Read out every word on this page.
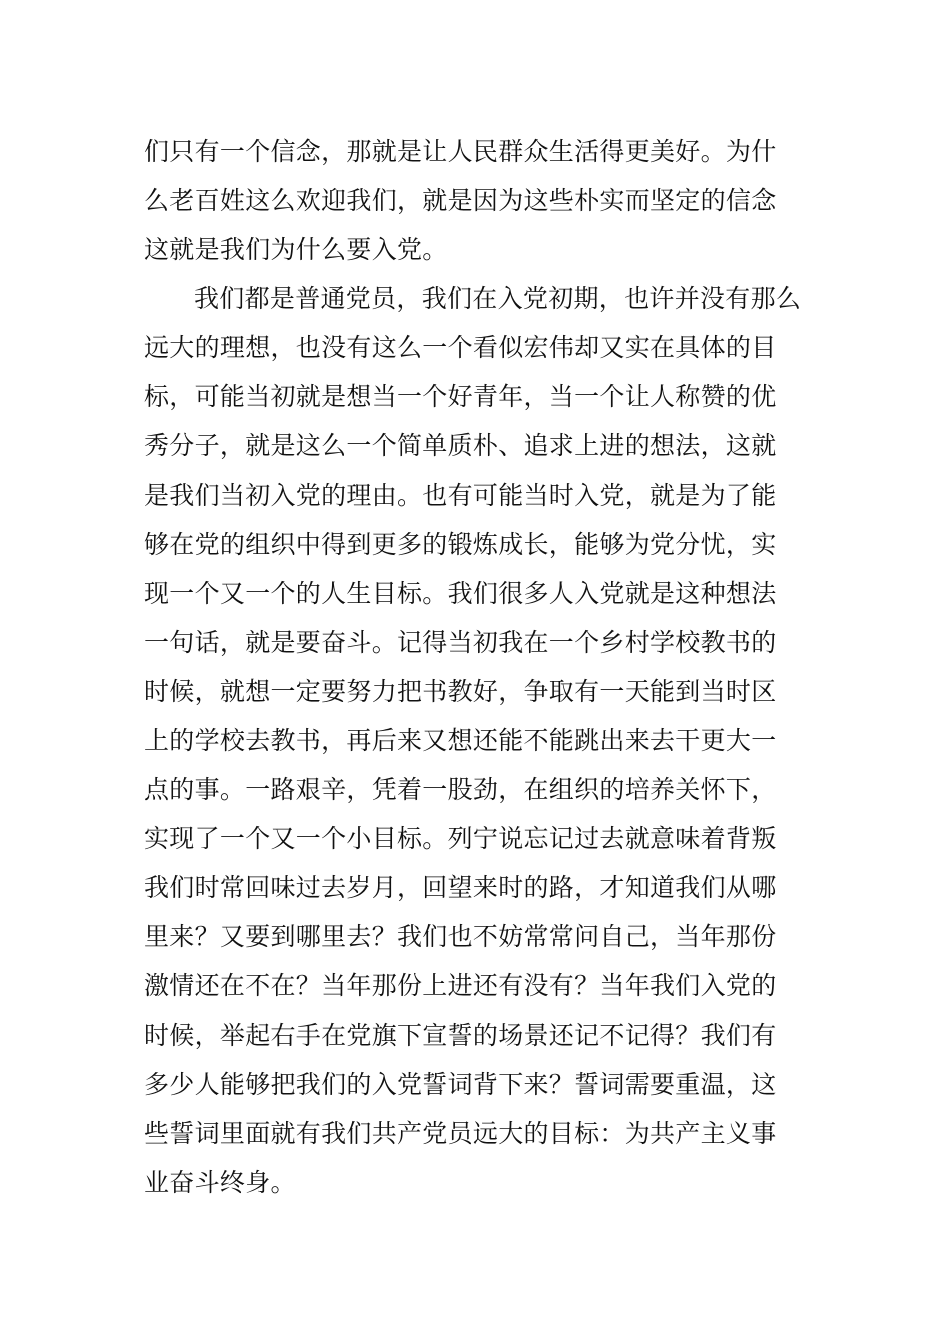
们只有一个信念，那就是让人民群众生活得更美好。为什
么老百姓这么欢迎我们，就是因为这些朴实而坚定的信念
这就是我们为什么要入党。
我们都是普通党员，我们在入党初期，也许并没有那么
远大的理想，也没有这么一个看似宏伟却又实在具体的目
标，可能当初就是想当一个好青年，当一个让人称赞的优
秀分子，就是这么一个简单质朴、追求上进的想法，这就
是我们当初入党的理由。也有可能当时入党，就是为了能
够在党的组织中得到更多的锻炼成长，能够为党分忧，实
现一个又一个的人生目标。我们很多人入党就是这种想法
一句话，就是要奋斗。记得当初我在一个乡村学校教书的
时候，就想一定要努力把书教好，争取有一天能到当时区
上的学校去教书，再后来又想还能不能跳出来去干更大一
点的事。一路艰辛，凭着一股劲，在组织的培养关怀下，
实现了一个又一个小目标。列宁说忘记过去就意味着背叛
我们时常回味过去岁月，回望来时的路，才知道我们从哪
里来？又要到哪里去？我们也不妨常常问自己，当年那份
激情还在不在？当年那份上进还有没有？当年我们入党的
时候，举起右手在党旗下宣誓的场景还记不记得？我们有
多少人能够把我们的入党誓词背下来？誓词需要重温，这
些誓词里面就有我们共产党员远大的目标：为共产主义事
业奋斗终身。
